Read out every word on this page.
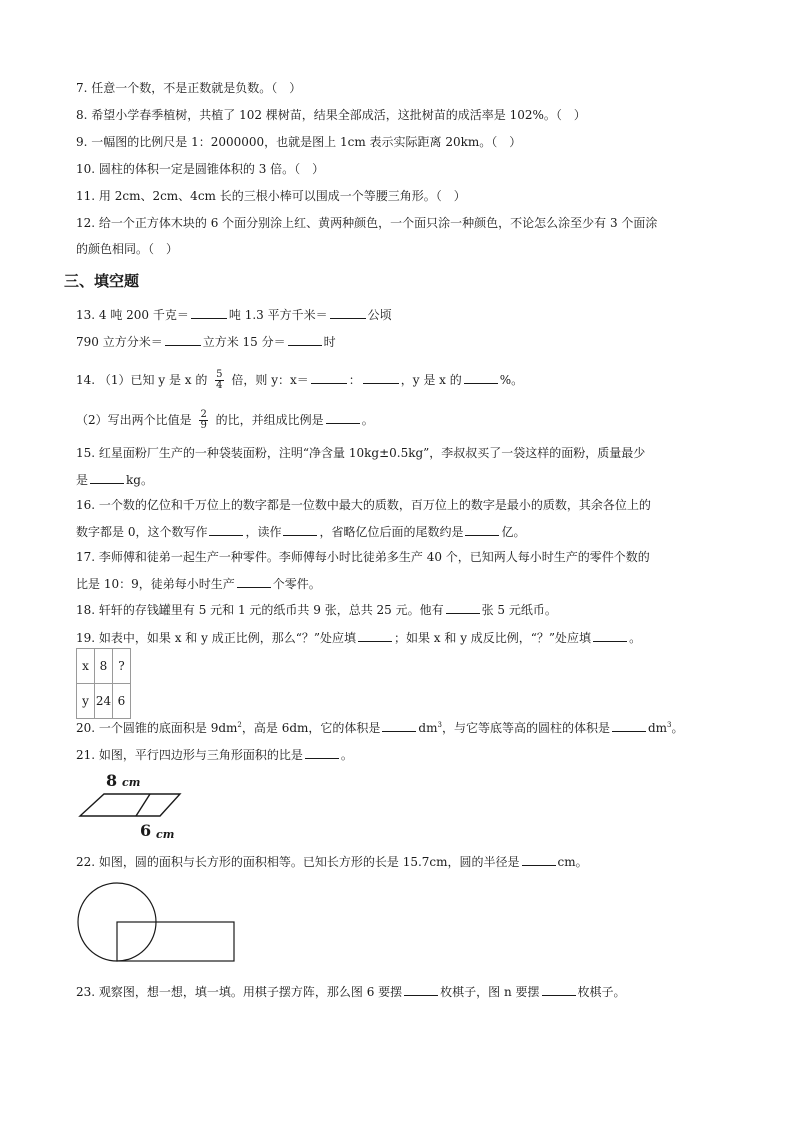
7. 任意一个数，不是正数就是负数。（　）
8. 希望小学春季植树，共植了 102 棵树苗，结果全部成活，这批树苗的成活率是 102%。（　）
9. 一幅图的比例尺是 1：2000000，也就是图上 1cm 表示实际距离 20km。（　）
10. 圆柱的体积一定是圆锥体积的 3 倍。（　）
11. 用 2cm、2cm、4cm 长的三根小棒可以围成一个等腰三角形。（　）
12. 给一个正方体木块的 6 个面分别涂上红、黄两种颜色，一个面只涂一种颜色，不论怎么涂至少有 3 个面涂
的颜色相同。（　）
三、填空题
13. 4 吨 200 千克＝	吨 1.3 平方千米＝	公顷
790 立方分米＝	立方米 15 分＝	时
14. （1）已知 y 是 x 的 $\frac{5}{4}$ 倍，则 y：x＝	：	，y 是 x 的	%。
（2）写出两个比值是 $\frac{2}{9}$ 的比，并组成比例是	。
15. 红星面粉厂生产的一种袋装面粉，注明“净含量 10kg±0.5kg”，李叔叔买了一袋这样的面粉，质量最少
是	kg。
16. 一个数的亿位和千万位上的数字都是一位数中最大的质数，百万位上的数字是最小的质数，其余各位上的
数字都是 0，这个数写作	，读作	，省略亿位后面的尾数约是	亿。
17. 李师傅和徒弟一起生产一种零件。李师傅每小时比徒弟多生产 40 个，已知两人每小时生产的零件个数的
比是 10：9，徒弟每小时生产	个零件。
18. 轩轩的存钱罐里有 5 元和 1 元的纸币共 9 张，总共 25 元。他有	张 5 元纸币。
19. 如表中，如果 x 和 y 成正比例，那么“？”处应填	；如果 x 和 y 成反比例，“？”处应填	。
x	8	?
y	24	6
20. 一个圆锥的底面积是 $9dm^2$，高是 6dm，它的体积是	$dm^3$，与它等底等高的圆柱的体积是	$dm^3$。
21. 如图，平行四边形与三角形面积的比是	。
8 cm
6 cm
22. 如图，圆的面积与长方形的面积相等。已知长方形的长是 15.7cm，圆的半径是	cm。
23. 观察图，想一想，填一填。用棋子摆方阵，那么图 6 要摆	枚棋子，图 n 要摆	枚棋子。
